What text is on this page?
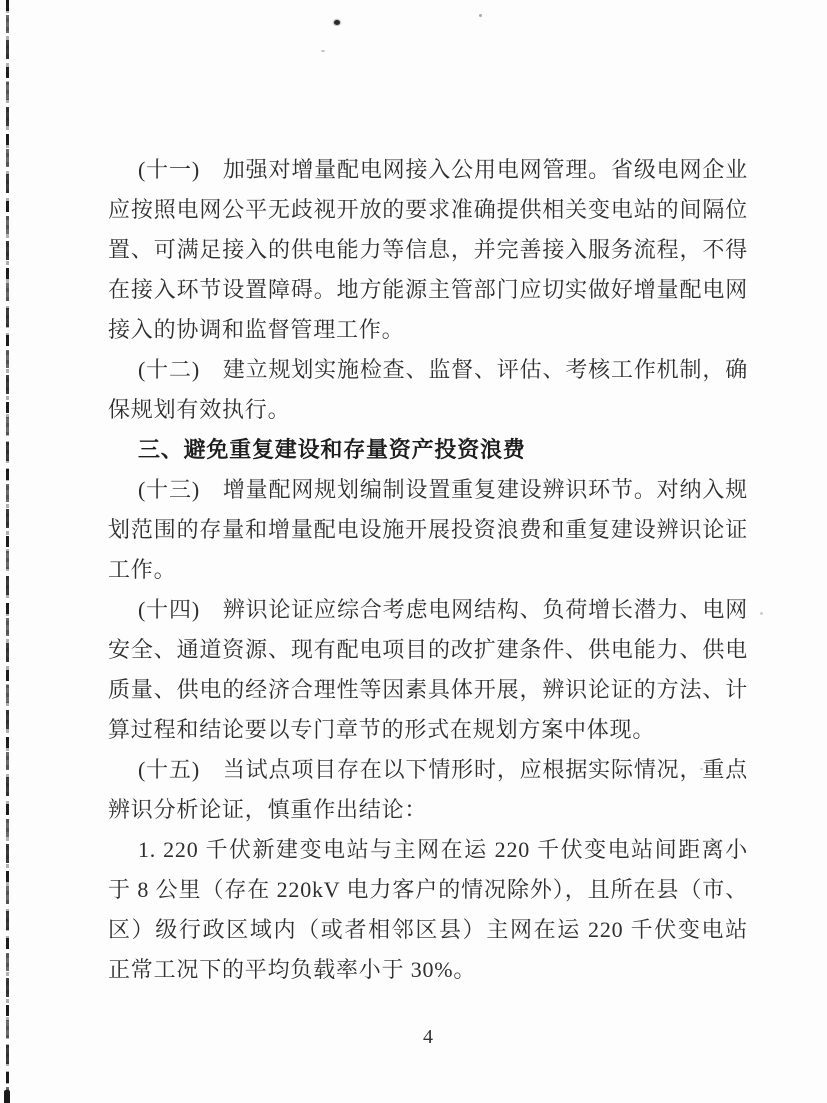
(十一)　加强对增量配电网接入公用电网管理。省级电网企业应按照电网公平无歧视开放的要求准确提供相关变电站的间隔位置、可满足接入的供电能力等信息，并完善接入服务流程，不得在接入环节设置障碍。地方能源主管部门应切实做好增量配电网接入的协调和监督管理工作。

(十二)　建立规划实施检查、监督、评估、考核工作机制，确保规划有效执行。

三、避免重复建设和存量资产投资浪费

(十三)　增量配网规划编制设置重复建设辨识环节。对纳入规划范围的存量和增量配电设施开展投资浪费和重复建设辨识论证工作。

(十四)　辨识论证应综合考虑电网结构、负荷增长潜力、电网安全、通道资源、现有配电项目的改扩建条件、供电能力、供电质量、供电的经济合理性等因素具体开展，辨识论证的方法、计算过程和结论要以专门章节的形式在规划方案中体现。

(十五)　当试点项目存在以下情形时，应根据实际情况，重点辨识分析论证，慎重作出结论：

1. 220 千伏新建变电站与主网在运 220 千伏变电站间距离小于 8 公里（存在 220kV 电力客户的情况除外），且所在县（市、区）级行政区域内（或者相邻区县）主网在运 220 千伏变电站正常工况下的平均负载率小于 30%。

4
